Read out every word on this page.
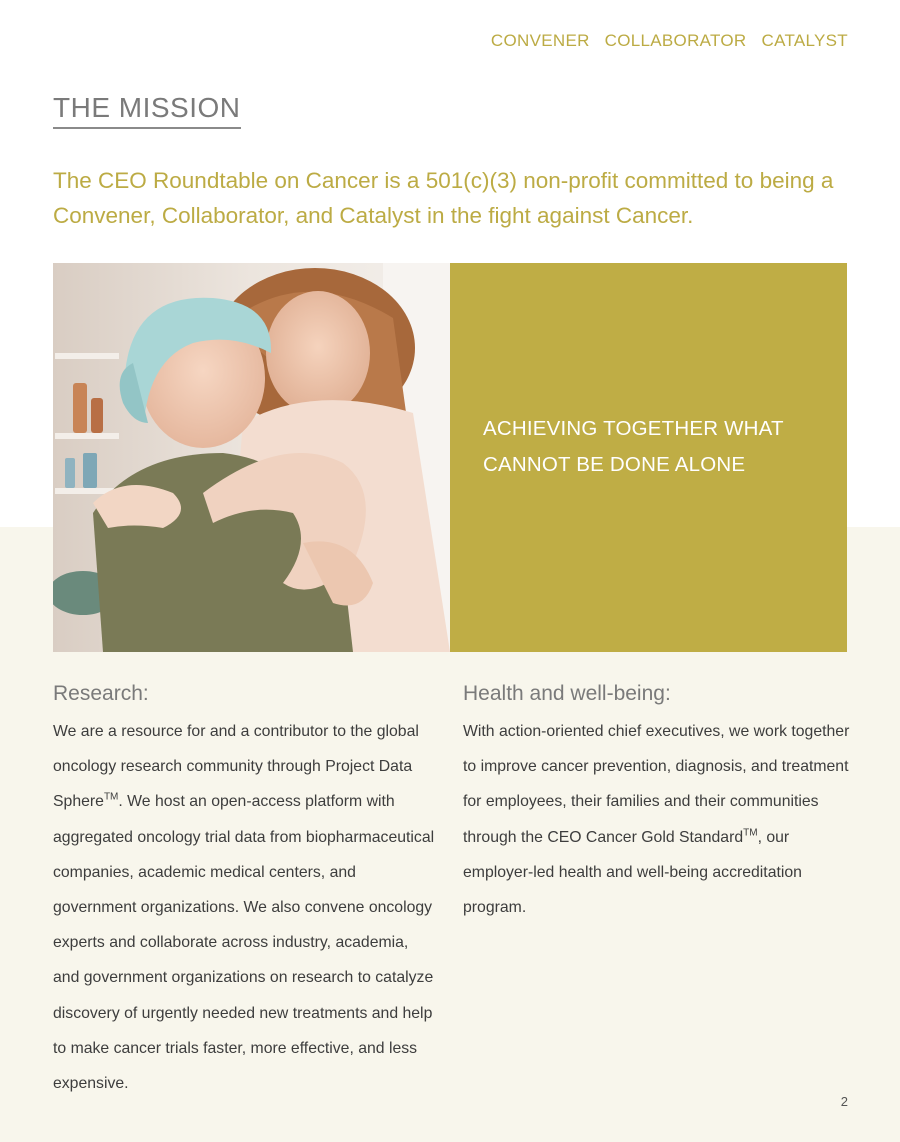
CONVENER COLLABORATOR CATALYST
THE MISSION

The CEO Roundtable on Cancer is a 501(c)(3) non-profit committed to being a Convener, Collaborator, and Catalyst in the fight against Cancer.

ACHIEVING TOGETHER WHAT
CANNOT BE DONE ALONE

Research:

We are a resource for and a contributor to the global oncology research community through Project Data Sphere™. We host an open-access platform with aggregated oncology trial data from biopharmaceutical companies, academic medical centers, and government organizations. We also convene oncology experts and collaborate across industry, academia, and government organizations on research to catalyze discovery of urgently needed new treatments and help to make cancer trials faster, more effective, and less expensive.

Health and well-being:

With action-oriented chief executives, we work together to improve cancer prevention, diagnosis, and treatment for employees, their families and their communities through the CEO Cancer Gold Standard™, our employer-led health and well-being accreditation program.

2
